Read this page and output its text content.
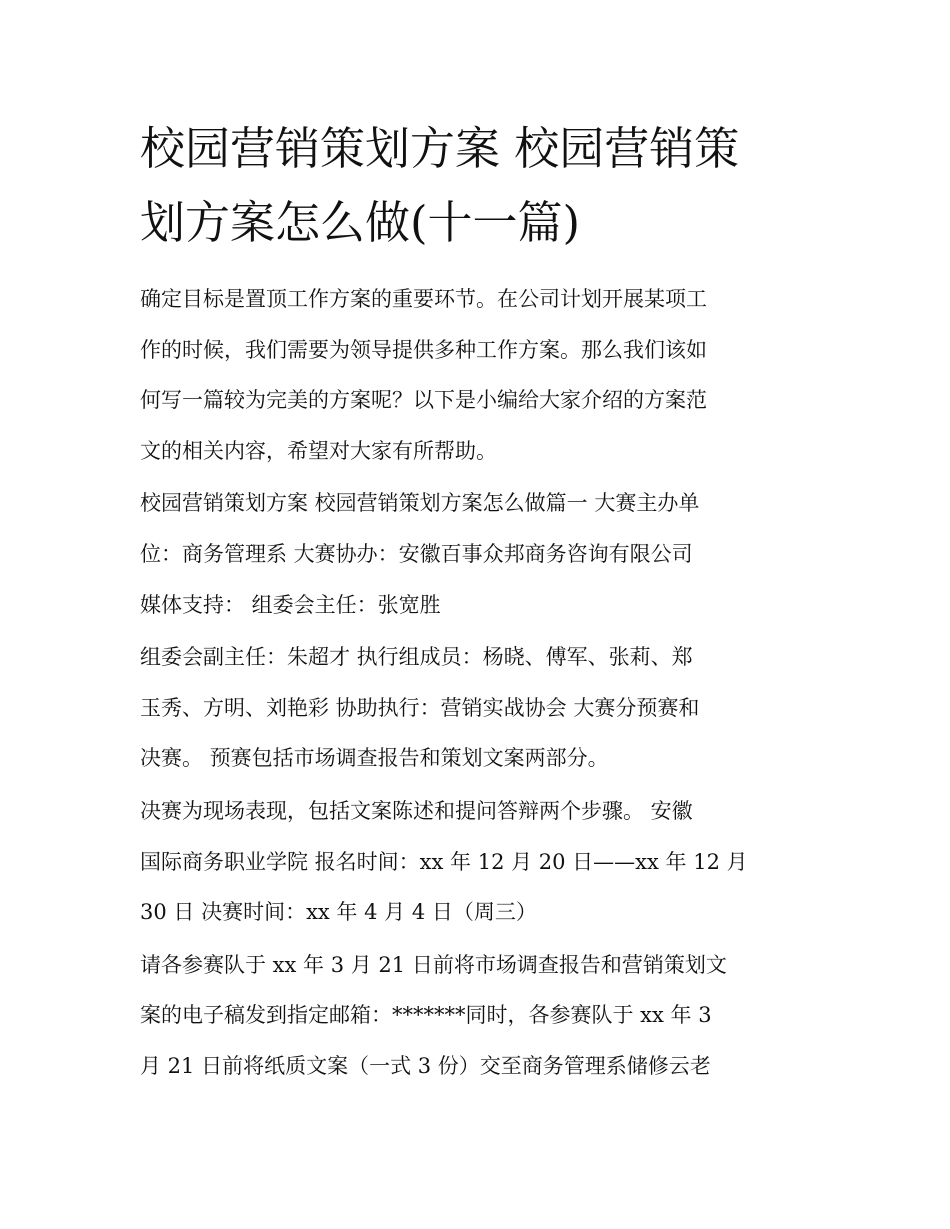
校园营销策划方案 校园营销策
划方案怎么做(十一篇)

确定目标是置顶工作方案的重要环节。在公司计划开展某项工
作的时候，我们需要为领导提供多种工作方案。那么我们该如
何写一篇较为完美的方案呢？以下是小编给大家介绍的方案范
文的相关内容，希望对大家有所帮助。

校园营销策划方案 校园营销策划方案怎么做篇一 大赛主办单
位：商务管理系 大赛协办：安徽百事众邦商务咨询有限公司
媒体支持： 组委会主任：张宽胜

组委会副主任：朱超才 执行组成员：杨晓、傅军、张莉、郑
玉秀、方明、刘艳彩 协助执行：营销实战协会 大赛分预赛和
决赛。 预赛包括市场调查报告和策划文案两部分。

决赛为现场表现，包括文案陈述和提问答辩两个步骤。 安徽
国际商务职业学院 报名时间：xx 年 12 月 20 日——xx 年 12 月
30 日 决赛时间：xx 年 4 月 4 日（周三）

请各参赛队于 xx 年 3 月 21 日前将市场调查报告和营销策划文
案的电子稿发到指定邮箱：*******同时，各参赛队于 xx 年 3
月 21 日前将纸质文案（一式 3 份）交至商务管理系储修云老
